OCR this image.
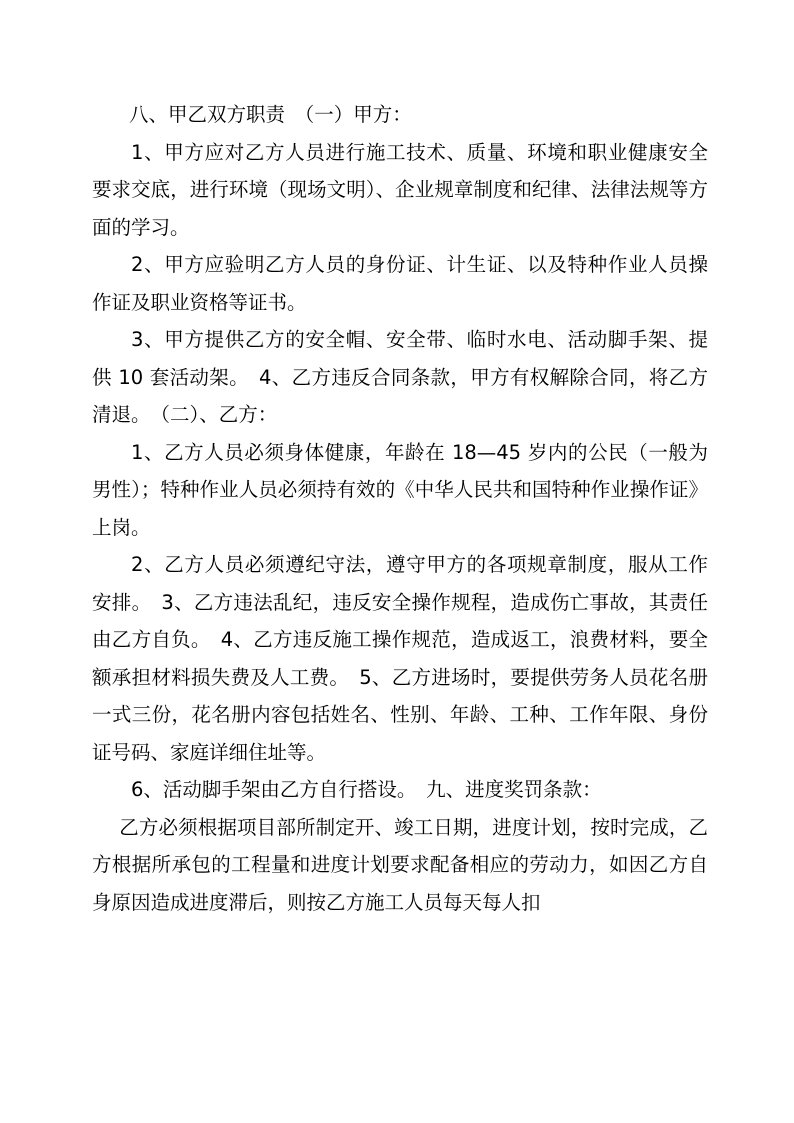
八、甲乙双方职责　（一）甲方：

1、甲方应对乙方人员进行施工技术、质量、环境和职业健康安全要求交底，进行环境（现场文明）、企业规章制度和纪律、法律法规等方面的学习。

2、甲方应验明乙方人员的身份证、计生证、以及特种作业人员操作证及职业资格等证书。

3、甲方提供乙方的安全帽、安全带、临时水电、活动脚手架、提供 10 套活动架。　4、乙方违反合同条款，甲方有权解除合同，将乙方清退。　（二）、乙方：

1、乙方人员必须身体健康，年龄在 18—45 岁内的公民（一般为男性）；特种作业人员必须持有效的《中华人民共和国特种作业操作证》上岗。

2、乙方人员必须遵纪守法，遵守甲方的各项规章制度，服从工作安排。　3、乙方违法乱纪，违反安全操作规程，造成伤亡事故，其责任由乙方自负。　4、乙方违反施工操作规范，造成返工，浪费材料，要全额承担材料损失费及人工费。　5、乙方进场时，要提供劳务人员花名册一式三份，花名册内容包括姓名、性别、年龄、工种、工作年限、身份证号码、家庭详细住址等。

6、活动脚手架由乙方自行搭设。　九、进度奖罚条款：

乙方必须根据项目部所制定开、竣工日期，进度计划，按时完成，乙方根据所承包的工程量和进度计划要求配备相应的劳动力，如因乙方自身原因造成进度滞后，则按乙方施工人员每天每人扣
